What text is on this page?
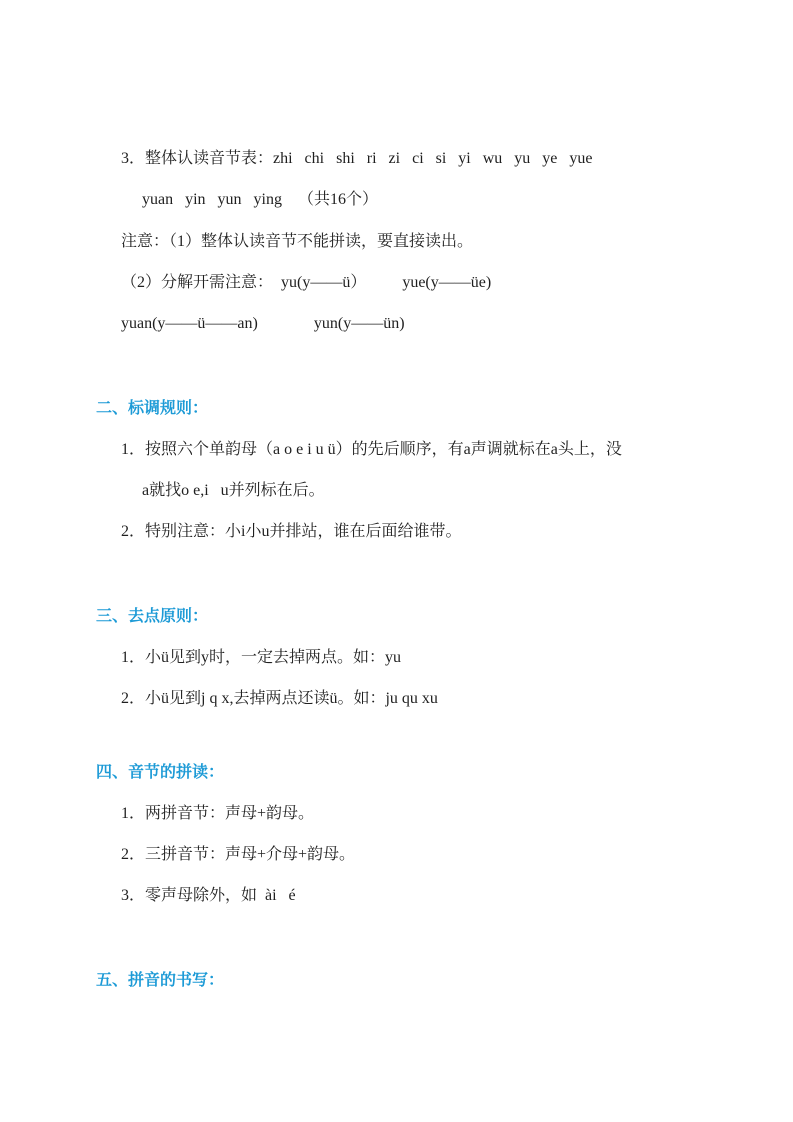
3．整体认读音节表：zhi   chi   shi   ri   zi   ci   si   yi   wu   yu   ye   yue
yuan   yin   yun   ying    （共16个）
注意：（1）整体认读音节不能拼读，要直接读出。
（2）分解开需注意：  yu(y——ü）         yue(y——üe)
yuan(y——ü——an)              yun(y——ün)
二、标调规则：
1．按照六个单韵母（a o e i u ü）的先后顺序，有a声调就标在a头上，没
a就找o e,i   u并列标在后。
2．特别注意：小i小u并排站，谁在后面给谁带。
三、去点原则：
1．小ü见到y时，一定去掉两点。如：yu
2．小ü见到j q x,去掉两点还读ü。如：ju qu xu
四、音节的拼读：
1．两拼音节：声母+韵母。
2．三拼音节：声母+介母+韵母。
3．零声母除外，如  ài   é
五、拼音的书写：
